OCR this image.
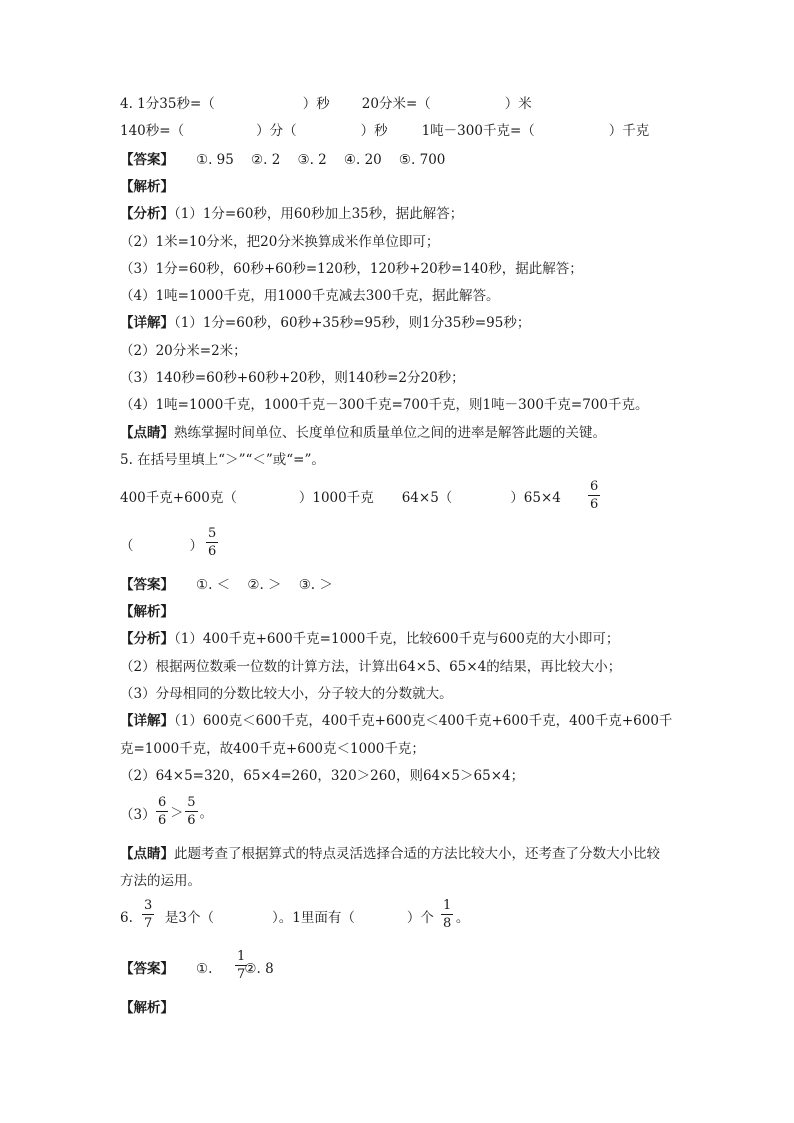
4. 1分35秒=（	）秒 20分米=（	）米
140秒=（	）分（	）秒	1吨－300千克=（	）千克
【答案】 ①. 95    ②. 2    ③. 2    ④. 20    ⑤. 700
【解析】
【分析】（1）1分=60秒，用60秒加上35秒，据此解答；
（2）1米=10分米，把20分米换算成米作单位即可；
（3）1分=60秒，60秒+60秒=120秒，120秒+20秒=140秒，据此解答；
（4）1吨=1000千克，用1000千克减去300千克，据此解答。
【详解】（1）1分=60秒，60秒+35秒=95秒，则1分35秒=95秒；
（2）20分米=2米；
（3）140秒=60秒+60秒+20秒，则140秒=2分20秒；
（4）1吨=1000千克，1000千克－300千克=700千克，则1吨－300千克=700千克。
【点睛】熟练掌握时间单位、长度单位和质量单位之间的进率是解答此题的关键。
5. 在括号里填上“＞”“＜”或“=”。
400千克+600克（	）1000千克 64×5（	）$65\times 4 \frac{6}{6}$
（	） $\frac{5}{6}$
【答案】 ①. ＜    ②. ＞    ③. ＞
【解析】
【分析】（1）400千克+600千克=1000千克，比较600千克与600克的大小即可；
（2）根据两位数乘一位数的计算方法，计算出64×5、65×4的结果，再比较大小；
（3）分母相同的分数比较大小，分子较大的分数就大。
【详解】（1）600克＜600千克，400千克+600克＜400千克+600千克，400千克+600千
克=1000千克，故400千克+600克＜1000千克；
（2）64×5=320，65×4=260，320＞260，则64×5＞65×4；
$(3) \frac{6}{6} > \frac{5}{6}$ 。
【点睛】此题考查了根据算式的特点灵活选择合适的方法比较大小，还考查了分数大小比较
方法的运用。
6. 是3个（	）。1里面有（	）个 。
$\frac{3}{7}$	$\frac{1}{8}$
【答案】 ①. ②. 8
$\frac{1}{7}$
【解析】
